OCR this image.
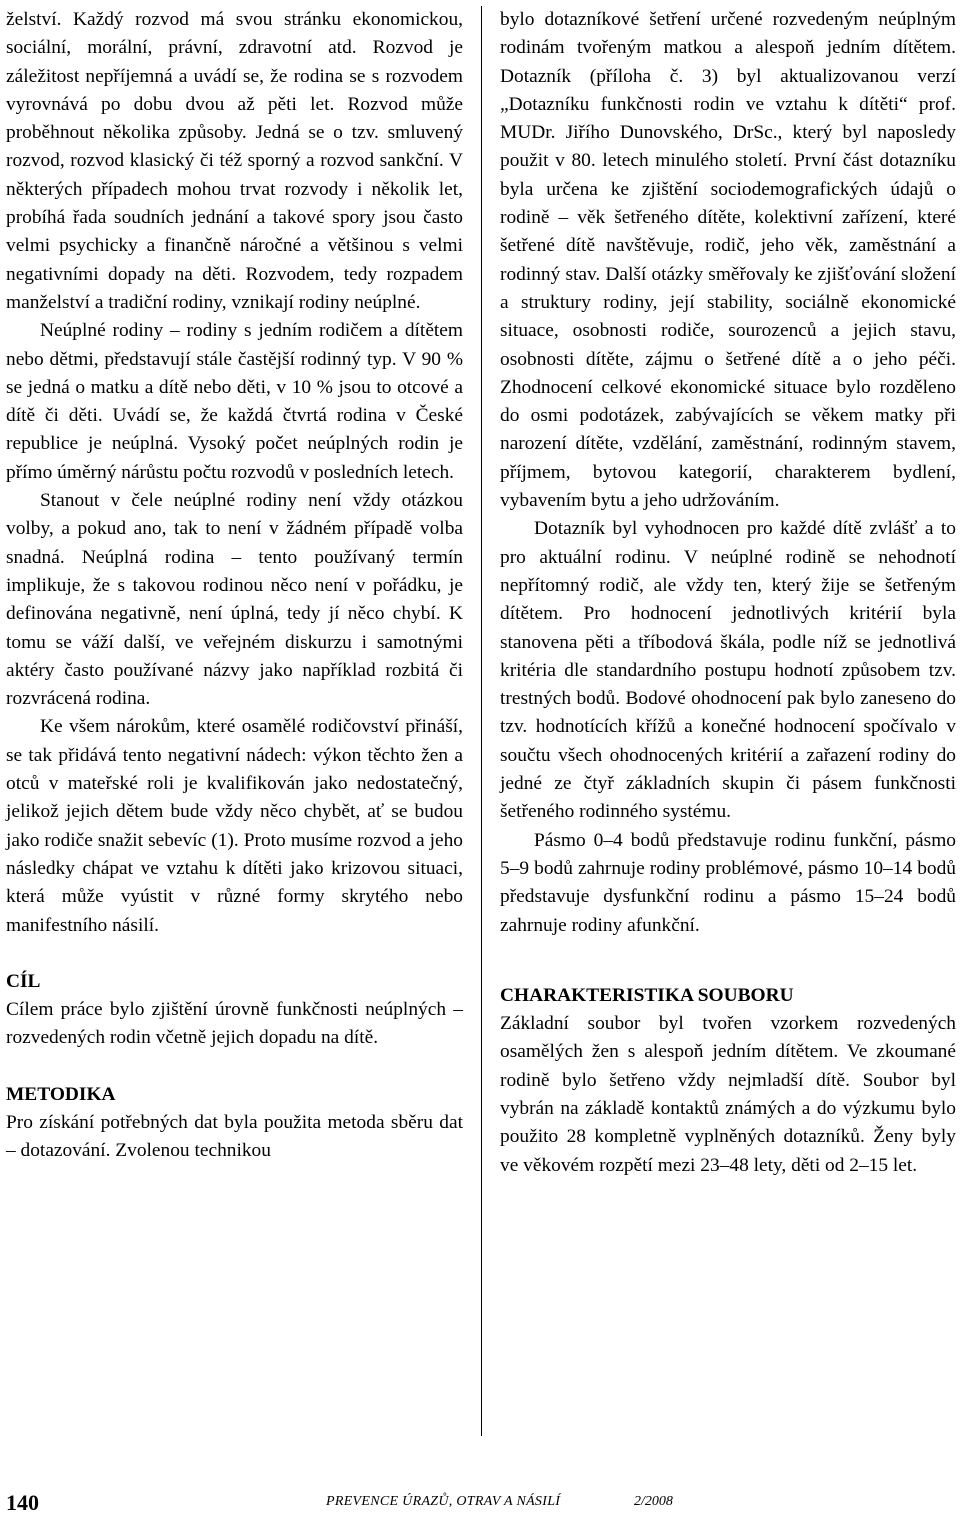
želství. Každý rozvod má svou stránku ekonomickou, sociální, morální, právní, zdravotní atd. Rozvod je záležitost nepříjemná a uvádí se, že rodina se s rozvodem vyrovnává po dobu dvou až pěti let. Rozvod může proběhnout několika způsoby. Jedná se o tzv. smluvený rozvod, rozvod klasický či též sporný a rozvod sankční. V některých případech mohou trvat rozvody i několik let, probíhá řada soudních jednání a takové spory jsou často velmi psychicky a finančně náročné a většinou s velmi negativními dopady na děti. Rozvodem, tedy rozpadem manželství a tradiční rodiny, vznikají rodiny neúplné.

Neúplné rodiny – rodiny s jedním rodičem a dítětem nebo dětmi, představují stále častější rodinný typ. V 90 % se jedná o matku a dítě nebo děti, v 10 % jsou to otcové a dítě či děti. Uvádí se, že každá čtvrtá rodina v České republice je neúplná. Vysoký počet neúplných rodin je přímo úměrný nárůstu počtu rozvodů v posledních letech.

Stanout v čele neúplné rodiny není vždy otázkou volby, a pokud ano, tak to není v žádném případě volba snadná. Neúplná rodina – tento používaný termín implikuje, že s takovou rodinou něco není v pořádku, je definována negativně, není úplná, tedy jí něco chybí. K tomu se váží další, ve veřejném diskurzu i samotnými aktéry často používané názvy jako například rozbitá či rozvrácená rodina.

Ke všem nárokům, které osamělé rodičovství přináší, se tak přidává tento negativní nádech: výkon těchto žen a otců v mateřské roli je kvalifikován jako nedostatečný, jelikož jejich dětem bude vždy něco chybět, ať se budou jako rodiče snažit sebevíc (1). Proto musíme rozvod a jeho následky chápat ve vztahu k dítěti jako krizovou situaci, která může vyústit v různé formy skrytého nebo manifestního násilí.

CÍL

Cílem práce bylo zjištění úrovně funkčnosti neúplných – rozvedených rodin včetně jejich dopadu na dítě.

METODIKA

Pro získání potřebných dat byla použita metoda sběru dat – dotazování. Zvolenou technikou

bylo dotazníkové šetření určené rozvedeným neúplným rodinám tvořeným matkou a alespoň jedním dítětem. Dotazník (příloha č. 3) byl aktualizovanou verzí „Dotazníku funkčnosti rodin ve vztahu k dítěti“ prof. MUDr. Jiřího Dunovského, DrSc., který byl naposledy použit v 80. letech minulého století. První část dotazníku byla určena ke zjištění sociodemografických údajů o rodině – věk šetřeného dítěte, kolektivní zařízení, které šetřené dítě navštěvuje, rodič, jeho věk, zaměstnání a rodinný stav. Další otázky směřovaly ke zjišťování složení a struktury rodiny, její stability, sociálně ekonomické situace, osobnosti rodiče, sourozenců a jejich stavu, osobnosti dítěte, zájmu o šetřené dítě a o jeho péči. Zhodnocení celkové ekonomické situace bylo rozděleno do osmi podotázek, zabývajících se věkem matky při narození dítěte, vzdělání, zaměstnání, rodinným stavem, příjmem, bytovou kategorií, charakterem bydlení, vybavením bytu a jeho udržováním.

Dotazník byl vyhodnocen pro každé dítě zvlášť a to pro aktuální rodinu. V neúplné rodině se nehodnotí nepřítomný rodič, ale vždy ten, který žije se šetřeným dítětem. Pro hodnocení jednotlivých kritérií byla stanovena pěti a tříbodová škála, podle níž se jednotlivá kritéria dle standardního postupu hodnotí způsobem tzv. trestných bodů. Bodové ohodnocení pak bylo zaneseno do tzv. hodnotících křížů a konečné hodnocení spočívalo v součtu všech ohodnocených kritérií a zařazení rodiny do jedné ze čtyř základních skupin či pásem funkčnosti šetřeného rodinného systému.

Pásmo 0–4 bodů představuje rodinu funkční, pásmo 5–9 bodů zahrnuje rodiny problémové, pásmo 10–14 bodů představuje dysfunkční rodinu a pásmo 15–24 bodů zahrnuje rodiny afunkční.

CHARAKTERISTIKA SOUBORU

Základní soubor byl tvořen vzorkem rozvedených osamělých žen s alespoň jedním dítětem. Ve zkoumané rodině bylo šetřeno vždy nejmladší dítě. Soubor byl vybrán na základě kontaktů známých a do výzkumu bylo použito 28 kompletně vyplněných dotazníků. Ženy byly ve věkovém rozpětí mezi 23–48 lety, děti od 2–15 let.

140	PREVENCE ÚRAZŮ, OTRAV A NÁSILÍ	2/2008
